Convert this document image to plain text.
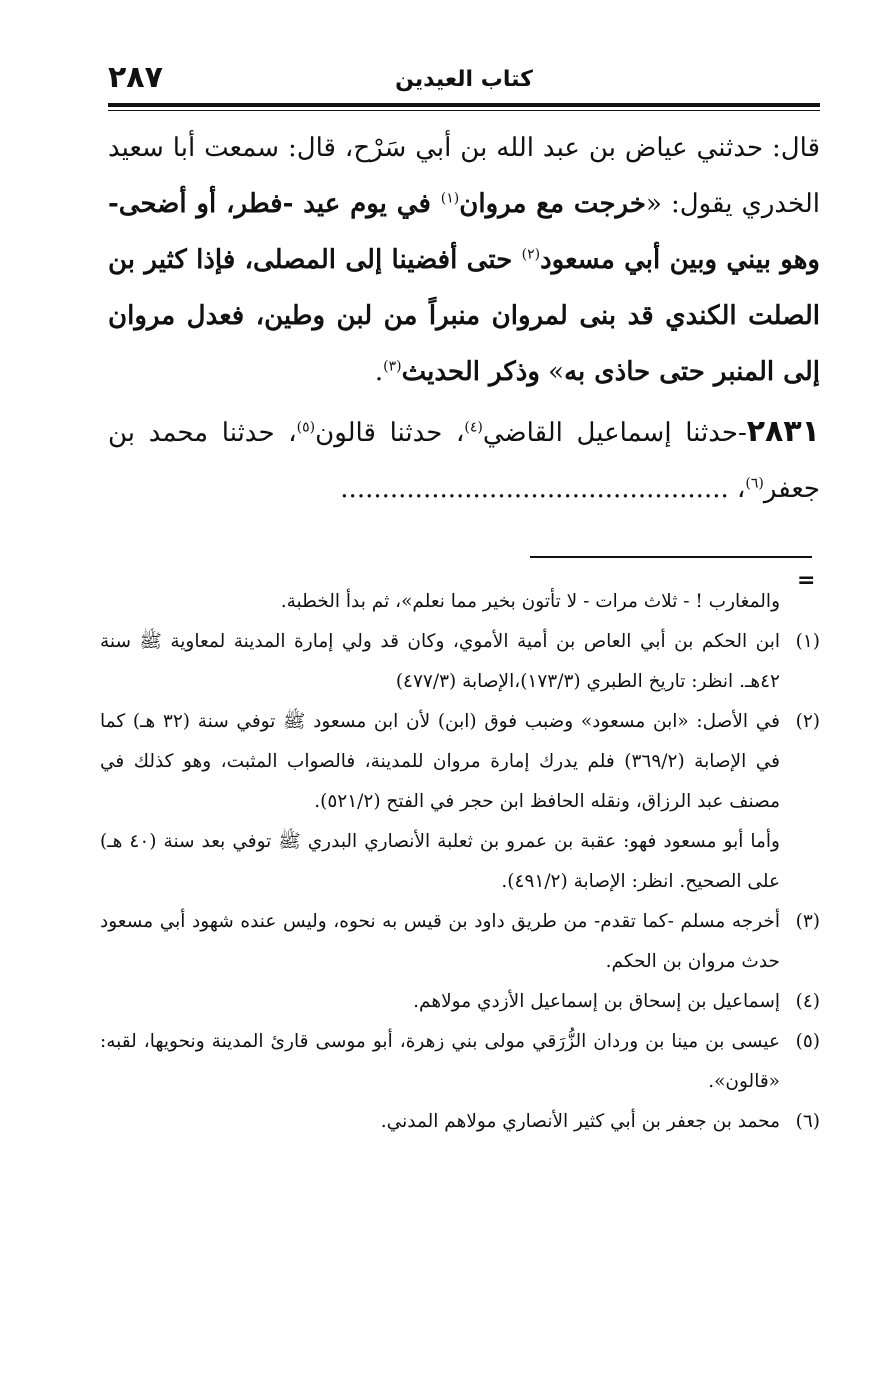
٢٨٧	كتاب العيدين

قال: حدثني عياض بن عبد الله بن أبي سَرْح، قال: سمعت أبا سعيد الخدري يقول: «خرجت مع مروان$^{(١)}$ في يوم عيد -فطر، أو أضحى- وهو بيني وبين أبي مسعود$^{(٢)}$ حتى أفضينا إلى المصلى، فإذا كثير بن الصلت الكندي قد بنى لمروان منبراً من لبن وطين، فعدل مروان إلى المنبر حتى حاذى به» وذكر الحديث$^{(٣)}$.

٢٨٣١-حدثنا إسماعيل القاضي$^{(٤)}$، حدثنا قالون$^{(٥)}$، حدثنا محمد بن جعفر$^{(٦)}$، ...............................................

=

والمغارب ! - ثلاث مرات - لا تأتون بخير مما نعلم»، ثم بدأ الخطبة.

(١)
ابن الحكم بن أبي العاص بن أمية الأموي، وكان قد ولي إمارة المدينة لمعاوية ﷺ سنة ٤٢هـ. انظر: تاريخ الطبري (١٧٣/٣)،الإصابة (٤٧٧/٣)

(٢)
في الأصل: «ابن مسعود» وضبب فوق (ابن) لأن ابن مسعود ﷺ توفي سنة (٣٢ هـ) كما في الإصابة (٣٦٩/٢) فلم يدرك إمارة مروان للمدينة، فالصواب المثبت، وهو كذلك في مصنف عبد الرزاق، ونقله الحافظ ابن حجر في الفتح (٥٢١/٢).

وأما أبو مسعود فهو: عقبة بن عمرو بن ثعلبة الأنصاري البدري ﷺ توفي بعد سنة (٤٠ هـ) على الصحيح. انظر: الإصابة (٤٩١/٢).

(٣)
أخرجه مسلم -كما تقدم- من طريق داود بن قيس به نحوه، وليس عنده شهود أبي مسعود حدث مروان بن الحكم.

(٤)
إسماعيل بن إسحاق بن إسماعيل الأزدي مولاهم.

(٥)
عيسى بن مينا بن وردان الزُّرَقي مولى بني زهرة، أبو موسى قارئ المدينة ونحويها، لقبه: «قالون».

(٦)
محمد بن جعفر بن أبي كثير الأنصاري مولاهم المدني.
